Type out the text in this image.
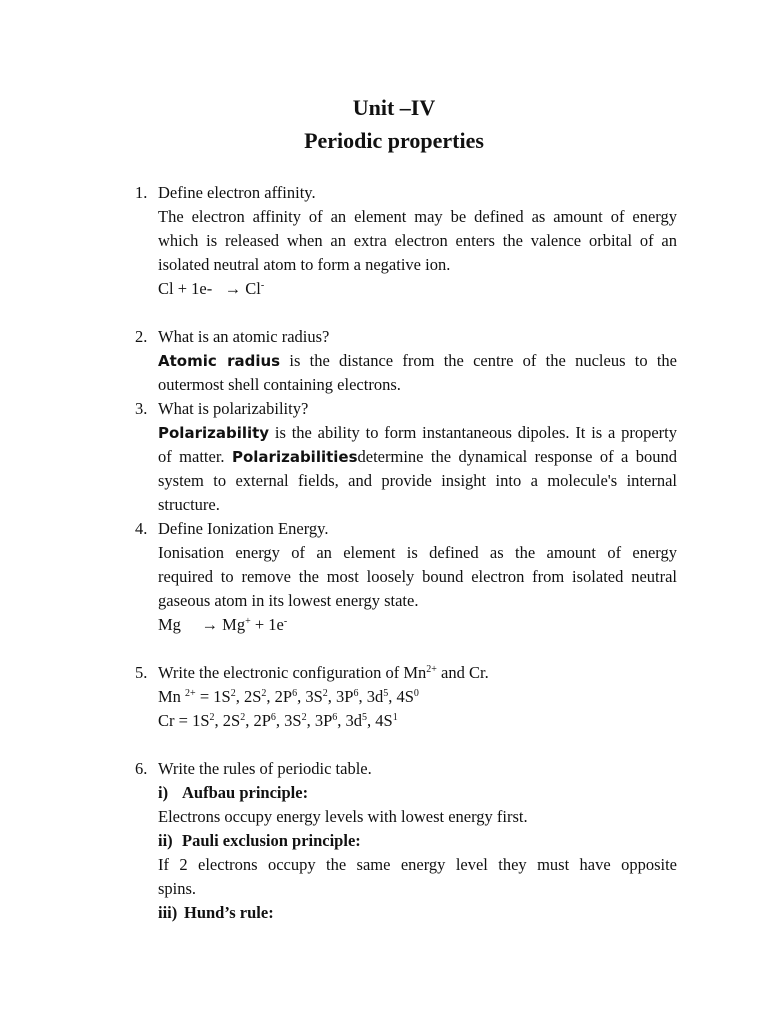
Unit –IV
Periodic properties
1. Define electron affinity.
The electron affinity of an element may be defined as amount of energy
which is released when an extra electron enters the valence orbital of an
isolated neutral atom to form a negative ion.
Cl + 1e- → Cl-
2. What is an atomic radius?
Atomic radius is the distance from the centre of the nucleus to the
outermost shell containing electrons.
3. What is polarizability?
Polarizability is the ability to form instantaneous dipoles. It is a property
of matter. Polarizabilitiesdetermine the dynamical response of a bound
system to external fields, and provide insight into a molecule's internal
structure.
4. Define Ionization Energy.
Ionisation energy of an element is defined as the amount of energy
required to remove the most loosely bound electron from isolated neutral
gaseous atom in its lowest energy state.
Mg → Mg+ + 1e-
5. Write the electronic configuration of $Mn^{2+}$ and Cr.
Mn $^{2+} = 1S^2$, $2S^2$, $2P^6$, $3S^2$, $3P^6$, $3d^5$, $4S^0$
$Cr = 1S^2$, $2S^2$, $2P^6$, $3S^2$, $3P^6$, $3d^5$, $4S^1$
6. Write the rules of periodic table.
i) Aufbau principle:
Electrons occupy energy levels with lowest energy first.
ii) Pauli exclusion principle:
If 2 electrons occupy the same energy level they must have opposite
spins.
iii) Hund’s rule:
